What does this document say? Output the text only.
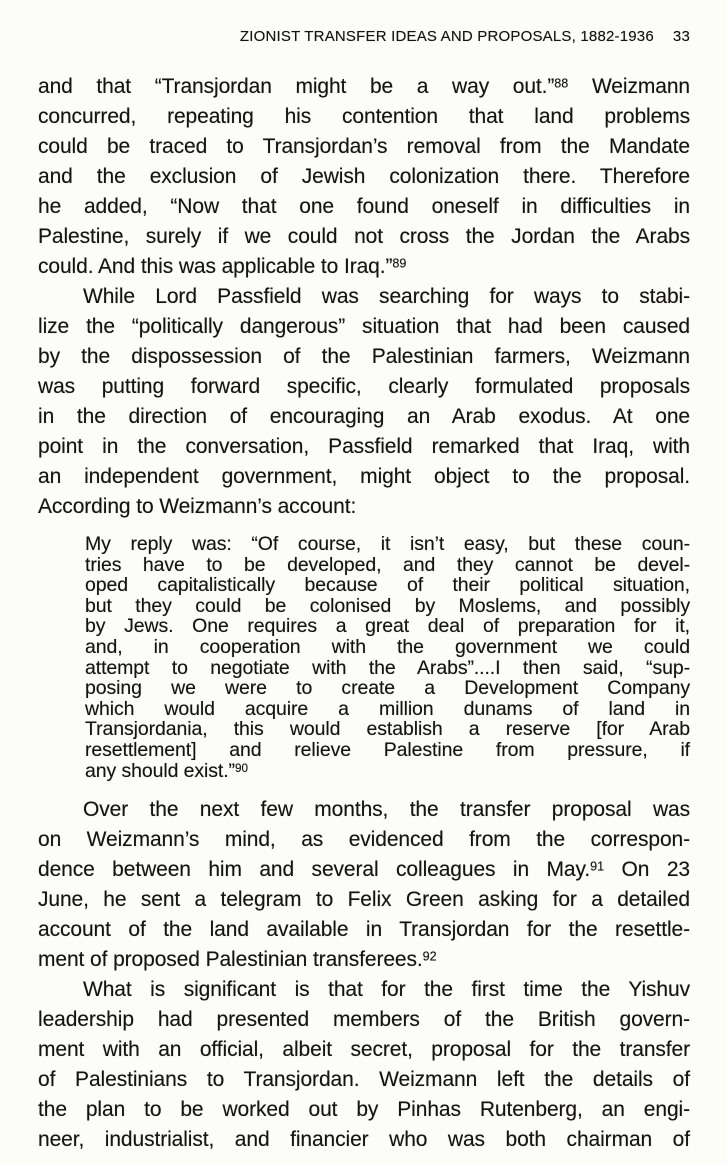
ZIONIST TRANSFER IDEAS AND PROPOSALS, 1882-1936 33
and that “Transjordan might be a way out.”$^{88}$ Weizmann
concurred, repeating his contention that land problems
could be traced to Transjordan’s removal from the Mandate
and the exclusion of Jewish colonization there. Therefore
he added, “Now that one found oneself in difficulties in
Palestine, surely if we could not cross the Jordan the Arabs
could. And this was applicable to Iraq.”$^{89}$
While Lord Passfield was searching for ways to stabi-
lize the “politically dangerous” situation that had been caused
by the dispossession of the Palestinian farmers, Weizmann
was putting forward specific, clearly formulated proposals
in the direction of encouraging an Arab exodus. At one
point in the conversation, Passfield remarked that Iraq, with
an independent government, might object to the proposal.
According to Weizmann’s account:
My reply was: “Of course, it isn’t easy, but these coun-
tries have to be developed, and they cannot be devel-
oped capitalistically because of their political situation,
but they could be colonised by Moslems, and possibly
by Jews. One requires a great deal of preparation for it,
and, in cooperation with the government we could
attempt to negotiate with the Arabs”....I then said, “sup-
posing we were to create a Development Company
which would acquire a million dunams of land in
Transjordania, this would establish a reserve [for Arab
resettlement] and relieve Palestine from pressure, if
any should exist.”$^{90}$
Over the next few months, the transfer proposal was
on Weizmann’s mind, as evidenced from the correspon-
dence between him and several colleagues in May.$^{91}$ On 23
June, he sent a telegram to Felix Green asking for a detailed
account of the land available in Transjordan for the resettle-
ment of proposed Palestinian transferees.$^{92}$
What is significant is that for the first time the Yishuv
leadership had presented members of the British govern-
ment with an official, albeit secret, proposal for the transfer
of Palestinians to Transjordan. Weizmann left the details of
the plan to be worked out by Pinhas Rutenberg, an engi-
neer, industrialist, and financier who was both chairman of
